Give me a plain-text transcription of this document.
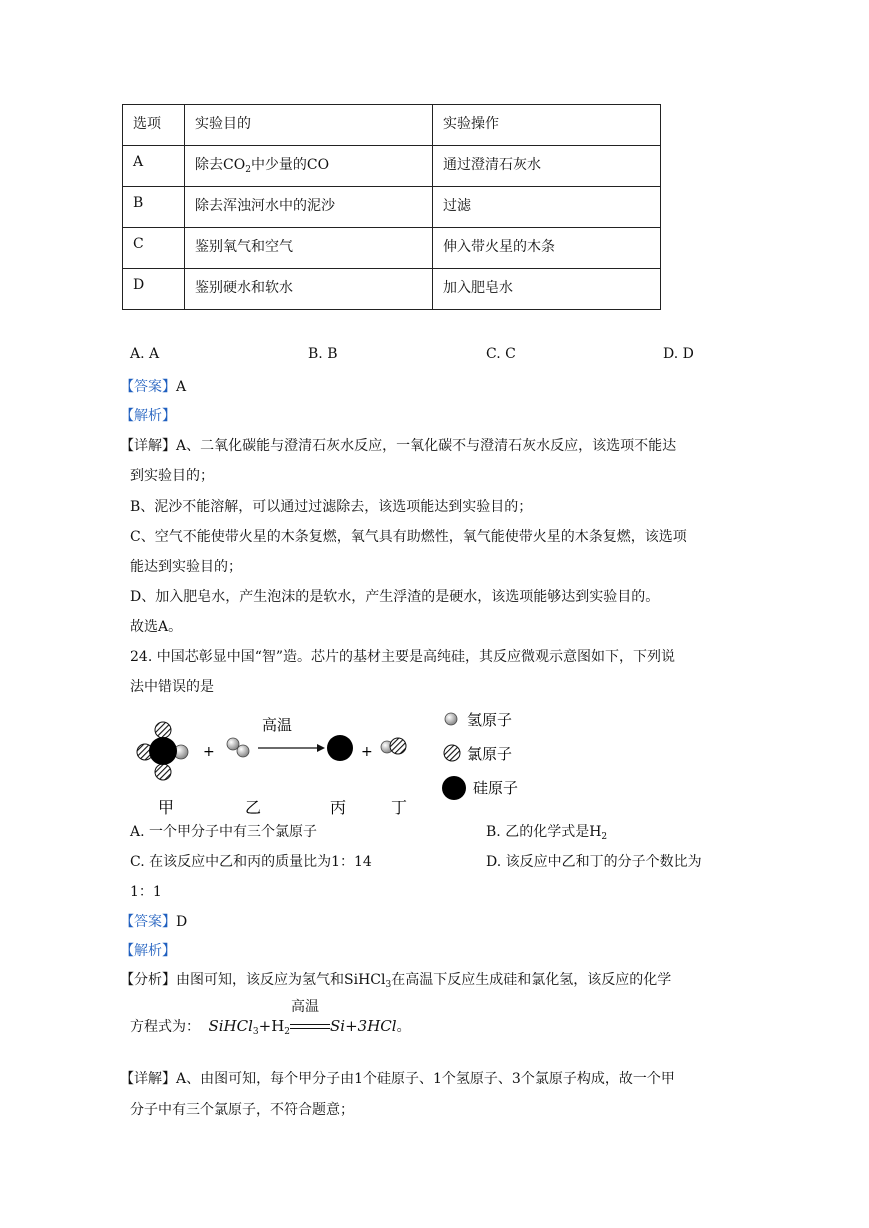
选项	实验目的	实验操作
A	除去$CO_2$中少量的CO	通过澄清石灰水
B	除去浑浊河水中的泥沙	过滤
C	鉴别氧气和空气	伸入带火星的木条
D	鉴别硬水和软水	加入肥皂水
A. A	B. B	C. C	D. D
【答案】A
【解析】
【详解】A、二氧化碳能与澄清石灰水反应，一氧化碳不与澄清石灰水反应，该选项不能达
到实验目的；
B、泥沙不能溶解，可以通过过滤除去，该选项能达到实验目的；
C、空气不能使带火星的木条复燃，氧气具有助燃性，氧气能使带火星的木条复燃，该选项
能达到实验目的；
D、加入肥皂水，产生泡沫的是软水，产生浮渣的是硬水，该选项能够达到实验目的。
故选A。
24. 中国芯彰显中国“智”造。芯片的基材主要是高纯硅，其反应微观示意图如下，下列说
法中错误的是
+
高温
+
甲	乙	丙	丁
氢原子
氯原子
硅原子
A. 一个甲分子中有三个氯原子	B. 乙的化学式是$H_2$
C. 在该反应中乙和丙的质量比为1：14	D. 该反应中乙和丁的分子个数比为
1：1
【答案】D
【解析】
【分析】由图可知，该反应为氢气和SiHCl$_3$在高温下反应生成硅和氯化氢，该反应的化学
方程式为： $SiHCl_3+H_2$
高温
Si+3HCl。
【详解】A、由图可知，每个甲分子由1个硅原子、1个氢原子、3个氯原子构成，故一个甲
分子中有三个氯原子，不符合题意；
